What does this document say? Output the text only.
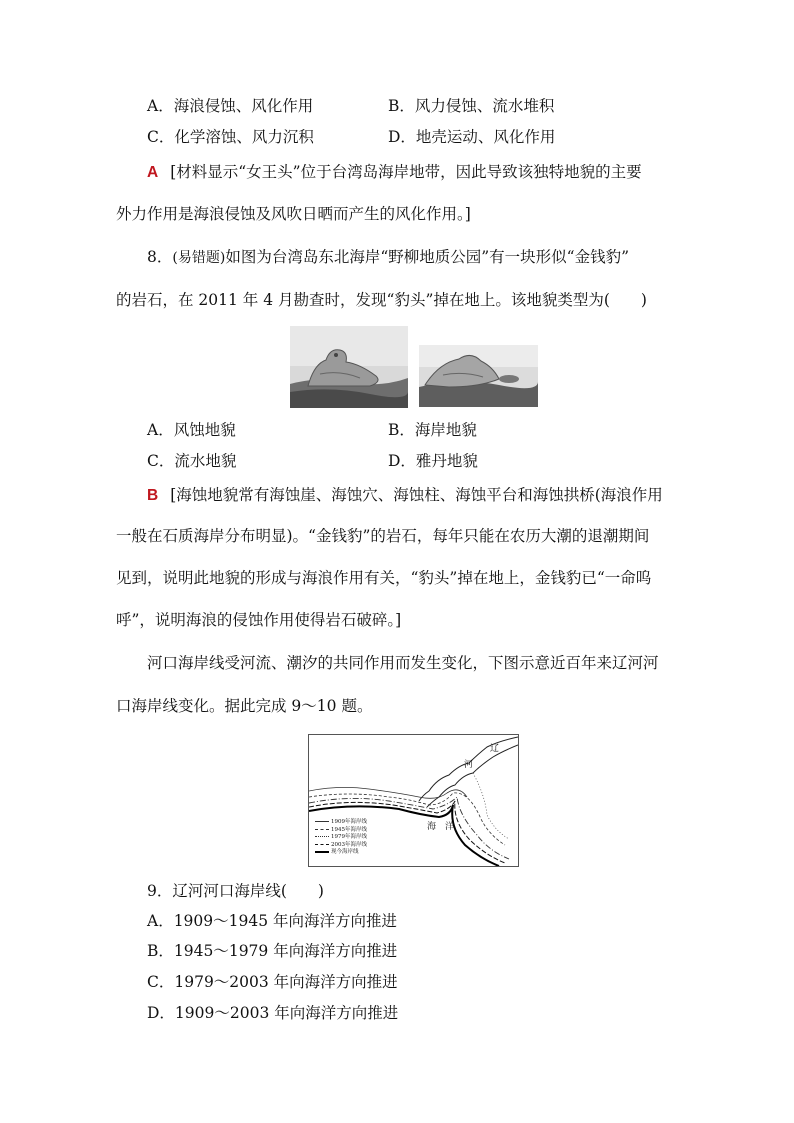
A．海浪侵蚀、风化作用	B．风力侵蚀、流水堆积
C．化学溶蚀、风力沉积	D．地壳运动、风化作用
A [材料显示“女王头”位于台湾岛海岸地带，因此导致该独特地貌的主要
外力作用是海浪侵蚀及风吹日晒而产生的风化作用。]
8．(易错题)如图为台湾岛东北海岸“野柳地质公园”有一块形似“金钱豹”
的岩石，在 2011 年 4 月勘查时，发现“豹头”掉在地上。该地貌类型为(　　)
A．风蚀地貌	B．海岸地貌
C．流水地貌	D．雅丹地貌
B [海蚀地貌常有海蚀崖、海蚀穴、海蚀柱、海蚀平台和海蚀拱桥(海浪作用
一般在石质海岸分布明显)。“金钱豹”的岩石，每年只能在农历大潮的退潮期间
见到，说明此地貌的形成与海浪作用有关，“豹头”掉在地上，金钱豹已“一命呜
呼”，说明海浪的侵蚀作用使得岩石破碎。]
河口海岸线受河流、潮汐的共同作用而发生变化，下图示意近百年来辽河河
口海岸线变化。据此完成 9～10 题。
辽
河
海　洋
1909年海岸线
1945年海岸线
1979年海岸线
2003年海岸线
现今海岸线
9．辽河河口海岸线(　　)
A．1909～1945 年向海洋方向推进
B．1945～1979 年向海洋方向推进
C．1979～2003 年向海洋方向推进
D．1909～2003 年向海洋方向推进
